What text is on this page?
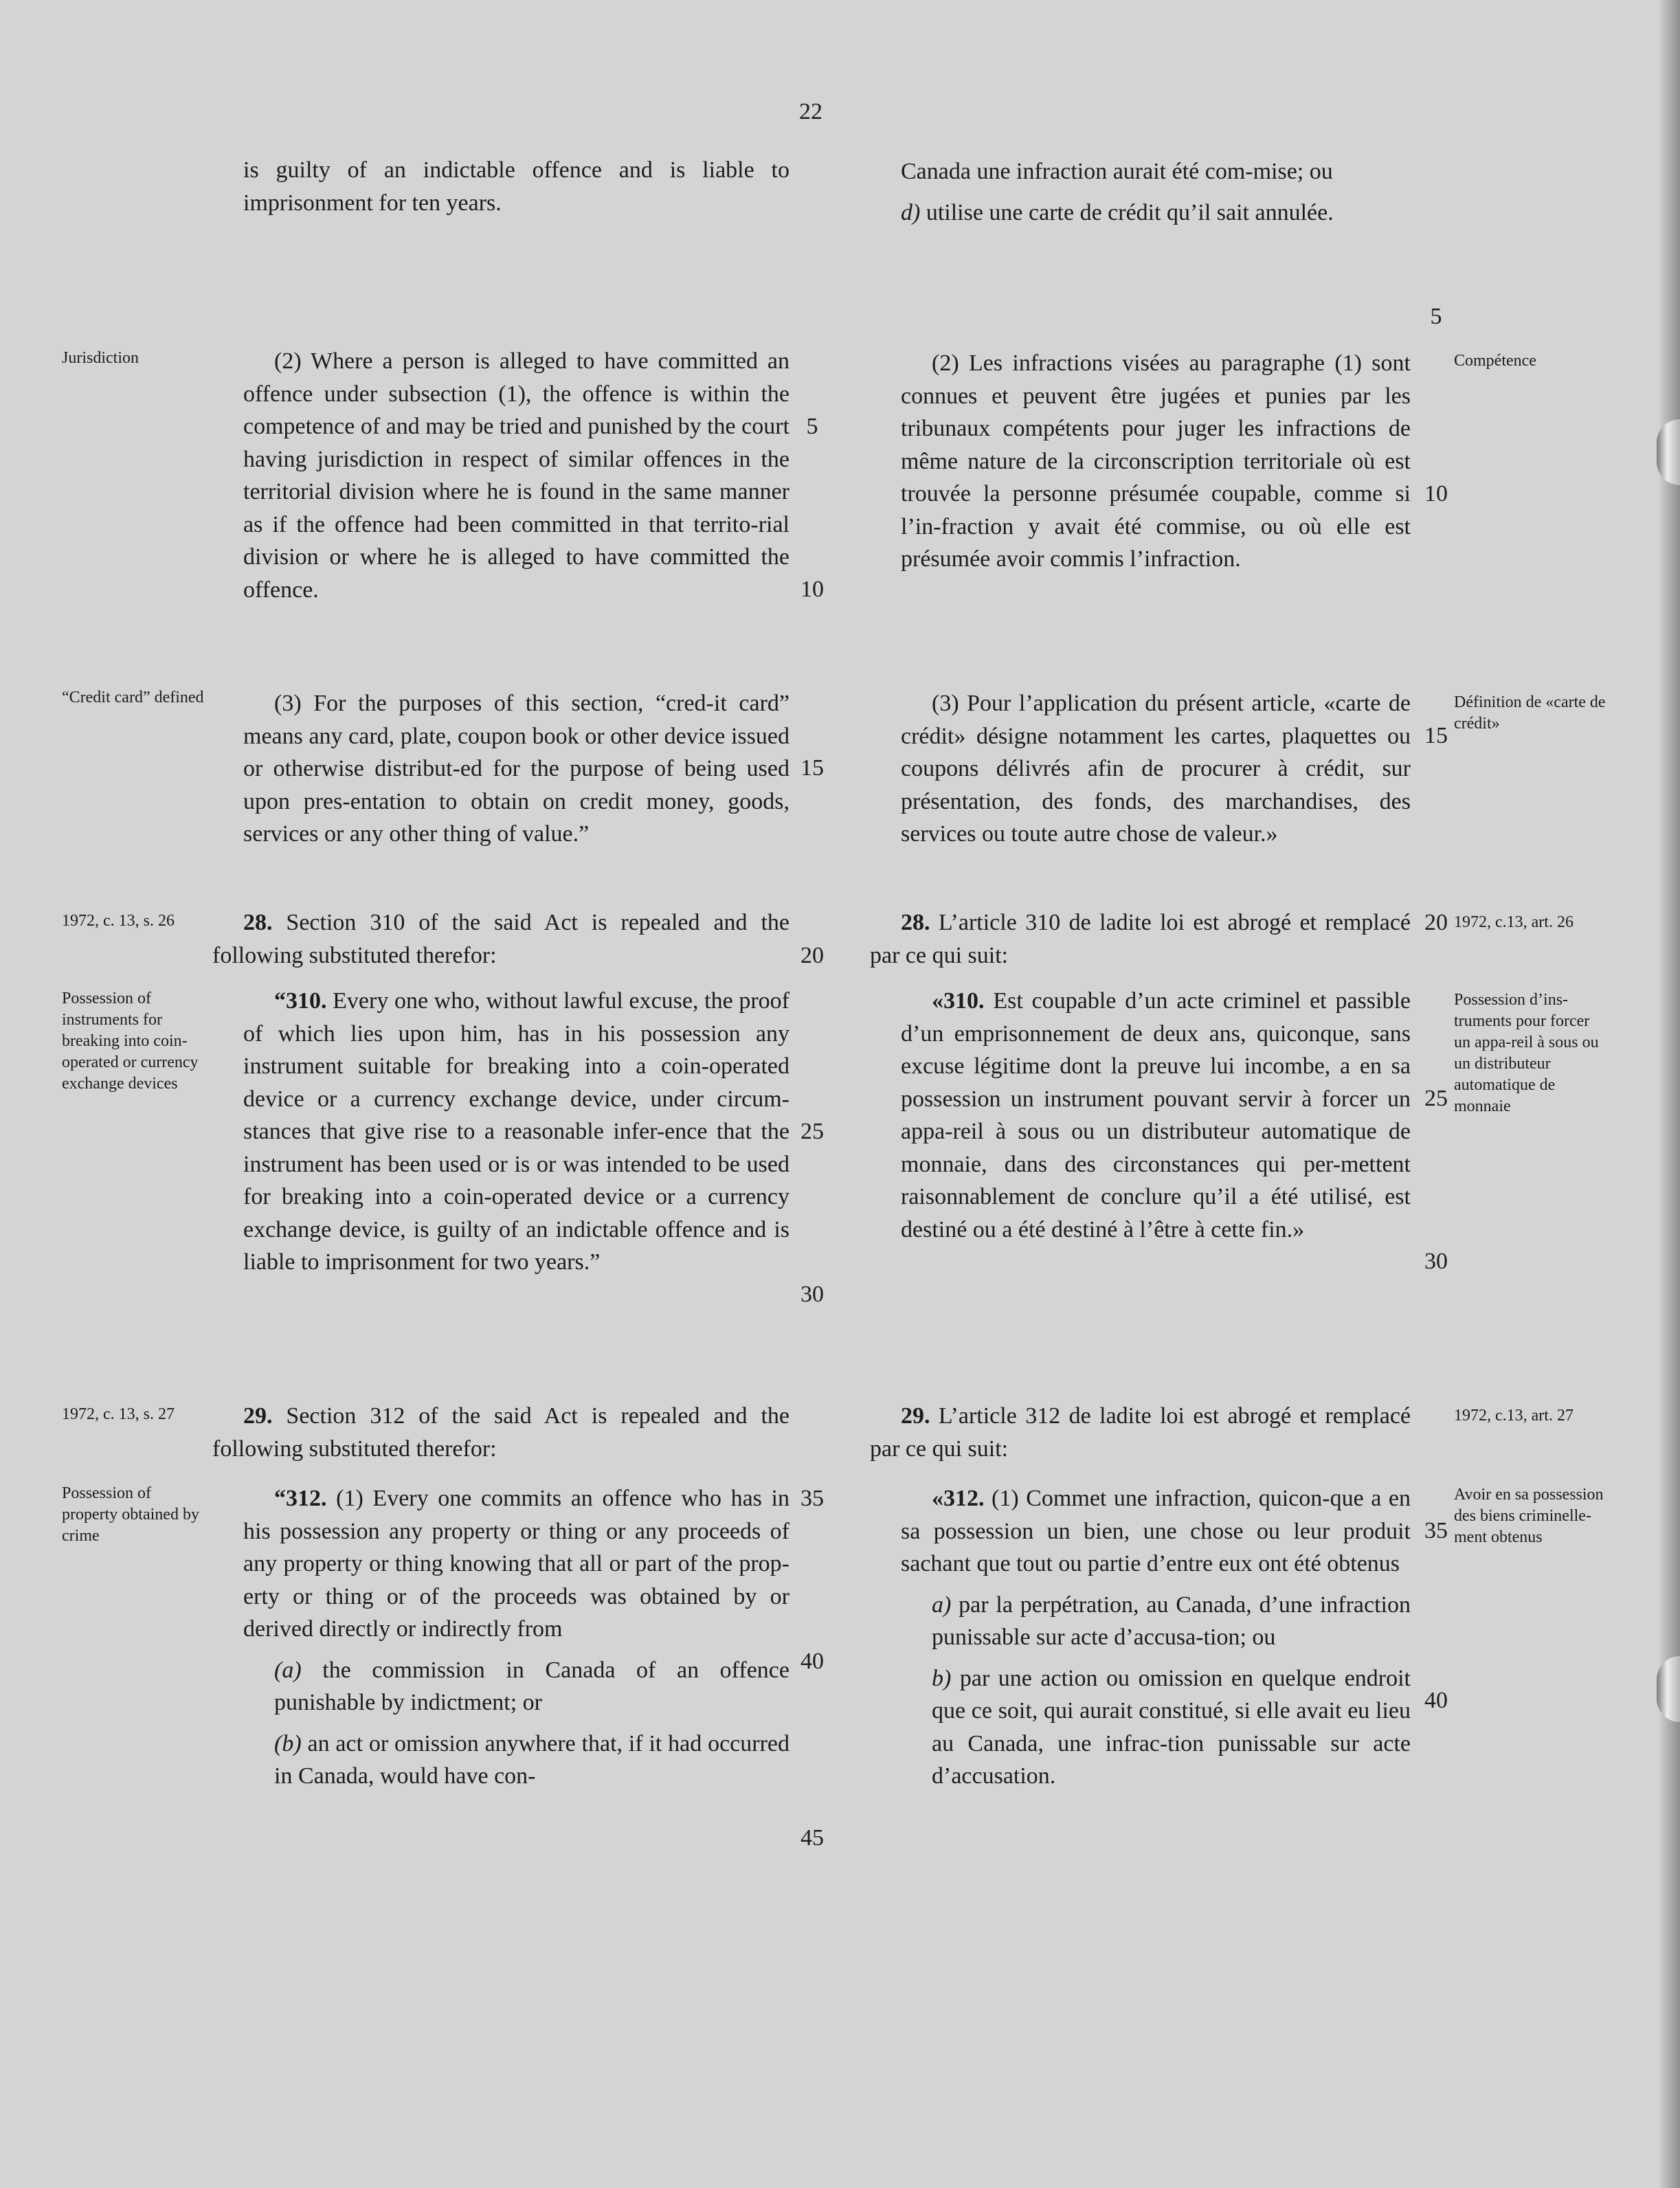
22
is guilty of an indictable offence and is liable to imprisonment for ten years.
Canada une infraction aurait été com-mise; ou
d) utilise une carte de crédit qu’il sait annulée.
Jurisdiction	(2) Where a person is alleged to have committed an offence under subsection (1), the offence is within the competence of and may be tried and punished by the court having jurisdiction in respect of similar offences in the territorial division where he is found in the same manner as if the offence had been committed in that territo-rial division or where he is alleged to have committed the offence.
(2) Les infractions visées au paragraphe (1) sont connues et peuvent être jugées et punies par les tribunaux compétents pour juger les infractions de même nature de la circonscription territoriale où est trouvée la personne présumée coupable, comme si l’in-fraction y avait été commise, ou où elle est présumée avoir commis l’infraction.
Compétence
“Credit card” defined	(3) For the purposes of this section, “cred-it card” means any card, plate, coupon book or other device issued or otherwise distribut-ed for the purpose of being used upon pres-entation to obtain on credit money, goods, services or any other thing of value.”
(3) Pour l’application du présent article, «carte de crédit» désigne notamment les cartes, plaquettes ou coupons délivrés afin de procurer à crédit, sur présentation, des fonds, des marchandises, des services ou toute autre chose de valeur.»
Définition de «carte de crédit»
1972, c. 13, s. 26	28. Section 310 of the said Act is repealed and the following substituted therefor:
28. L’article 310 de ladite loi est abrogé et remplacé par ce qui suit:
1972, c.13, art. 26
Possession of instruments for breaking into coin-operated or currency exchange devices
“310. Every one who, without lawful excuse, the proof of which lies upon him, has in his possession any instrument suitable for breaking into a coin-operated device or a currency exchange device, under circum-stances that give rise to a reasonable infer-ence that the instrument has been used or is or was intended to be used for breaking into a coin-operated device or a currency exchange device, is guilty of an indictable offence and is liable to imprisonment for two years.”
«310. Est coupable d’un acte criminel et passible d’un emprisonnement de deux ans, quiconque, sans excuse légitime dont la preuve lui incombe, a en sa possession un instrument pouvant servir à forcer un appa-reil à sous ou un distributeur automatique de monnaie, dans des circonstances qui per-mettent raisonnablement de conclure qu’il a été utilisé, est destiné ou a été destiné à l’être à cette fin.»
Possession d’ins-truments pour forcer un appa-reil à sous ou un distributeur automatique de monnaie
1972, c. 13, s. 27	29. Section 312 of the said Act is repealed and the following substituted therefor:
29. L’article 312 de ladite loi est abrogé et remplacé par ce qui suit:
1972, c.13, art. 27
Possession of property obtained by crime
“312. (1) Every one commits an offence who has in his possession any property or thing or any proceeds of any property or thing knowing that all or part of the prop-erty or thing or of the proceeds was obtained by or derived directly or indirectly from
(a) the commission in Canada of an offence punishable by indictment; or
(b) an act or omission anywhere that, if it had occurred in Canada, would have con-
«312. (1) Commet une infraction, quicon-que a en sa possession un bien, une chose ou leur produit sachant que tout ou partie d’entre eux ont été obtenus
a) par la perpétration, au Canada, d’une infraction punissable sur acte d’accusa-tion; ou
b) par une action ou omission en quelque endroit que ce soit, qui aurait constitué, si elle avait eu lieu au Canada, une infrac-tion punissable sur acte d’accusation.
Avoir en sa possession des biens criminelle-ment obtenus
5
10
15
20
25
30
35
40
45
5
10
15
20
25
30
35
40
